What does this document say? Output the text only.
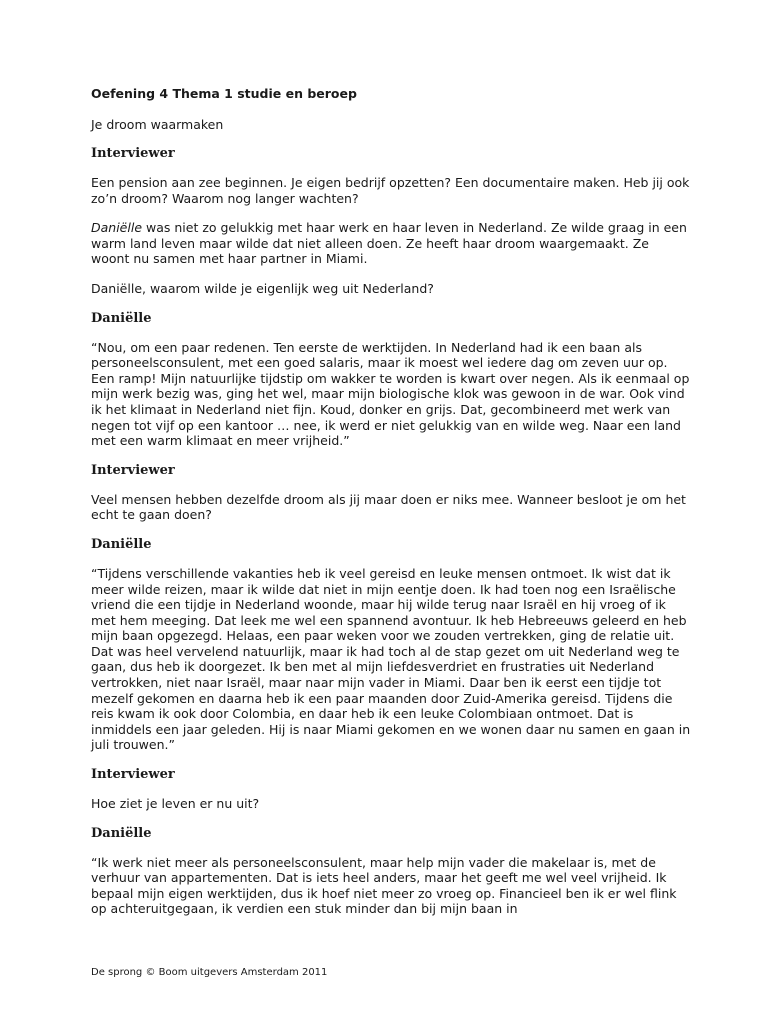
Oefening 4 Thema 1 studie en beroep
Je droom waarmaken
Interviewer

Een pension aan zee beginnen. Je eigen bedrijf opzetten? Een documentaire maken. Heb jij ook zo’n droom? Waarom nog langer wachten?

Daniëlle was niet zo gelukkig met haar werk en haar leven in Nederland. Ze wilde graag in een warm land leven maar wilde dat niet alleen doen. Ze heeft haar droom waargemaakt. Ze woont nu samen met haar partner in Miami.

Daniëlle, waarom wilde je eigenlijk weg uit Nederland?

Daniëlle

“Nou, om een paar redenen. Ten eerste de werktijden. In Nederland had ik een baan als personeelsconsulent, met een goed salaris, maar ik moest wel iedere dag om zeven uur op. Een ramp! Mijn natuurlijke tijdstip om wakker te worden is kwart over negen. Als ik eenmaal op mijn werk bezig was, ging het wel, maar mijn biologische klok was gewoon in de war. Ook vind ik het klimaat in Nederland niet fijn. Koud, donker en grijs. Dat, gecombineerd met werk van negen tot vijf op een kantoor … nee, ik werd er niet gelukkig van en wilde weg. Naar een land met een warm klimaat en meer vrijheid.”

Interviewer

Veel mensen hebben dezelfde droom als jij maar doen er niks mee. Wanneer besloot je om het echt te gaan doen?

Daniëlle

“Tijdens verschillende vakanties heb ik veel gereisd en leuke mensen ontmoet. Ik wist dat ik meer wilde reizen, maar ik wilde dat niet in mijn eentje doen. Ik had toen nog een Israëlische vriend die een tijdje in Nederland woonde, maar hij wilde terug naar Israël en hij vroeg of ik met hem meeging. Dat leek me wel een spannend avontuur. Ik heb Hebreeuws geleerd en heb mijn baan opgezegd. Helaas, een paar weken voor we zouden vertrekken, ging de relatie uit. Dat was heel vervelend natuurlijk, maar ik had toch al de stap gezet om uit Nederland weg te gaan, dus heb ik doorgezet. Ik ben met al mijn liefdesverdriet en frustraties uit Nederland vertrokken, niet naar Israël, maar naar mijn vader in Miami. Daar ben ik eerst een tijdje tot mezelf gekomen en daarna heb ik een paar maanden door Zuid-Amerika gereisd. Tijdens die reis kwam ik ook door Colombia, en daar heb ik een leuke Colombiaan ontmoet. Dat is inmiddels een jaar geleden. Hij is naar Miami gekomen en we wonen daar nu samen en gaan in juli trouwen.”

Interviewer

Hoe ziet je leven er nu uit?

Daniëlle

“Ik werk niet meer als personeelsconsulent, maar help mijn vader die makelaar is, met de verhuur van appartementen. Dat is iets heel anders, maar het geeft me wel veel vrijheid. Ik bepaal mijn eigen werktijden, dus ik hoef niet meer zo vroeg op. Financieel ben ik er wel flink op achteruitgegaan, ik verdien een stuk minder dan bij mijn baan in

De sprong © Boom uitgevers Amsterdam 2011
